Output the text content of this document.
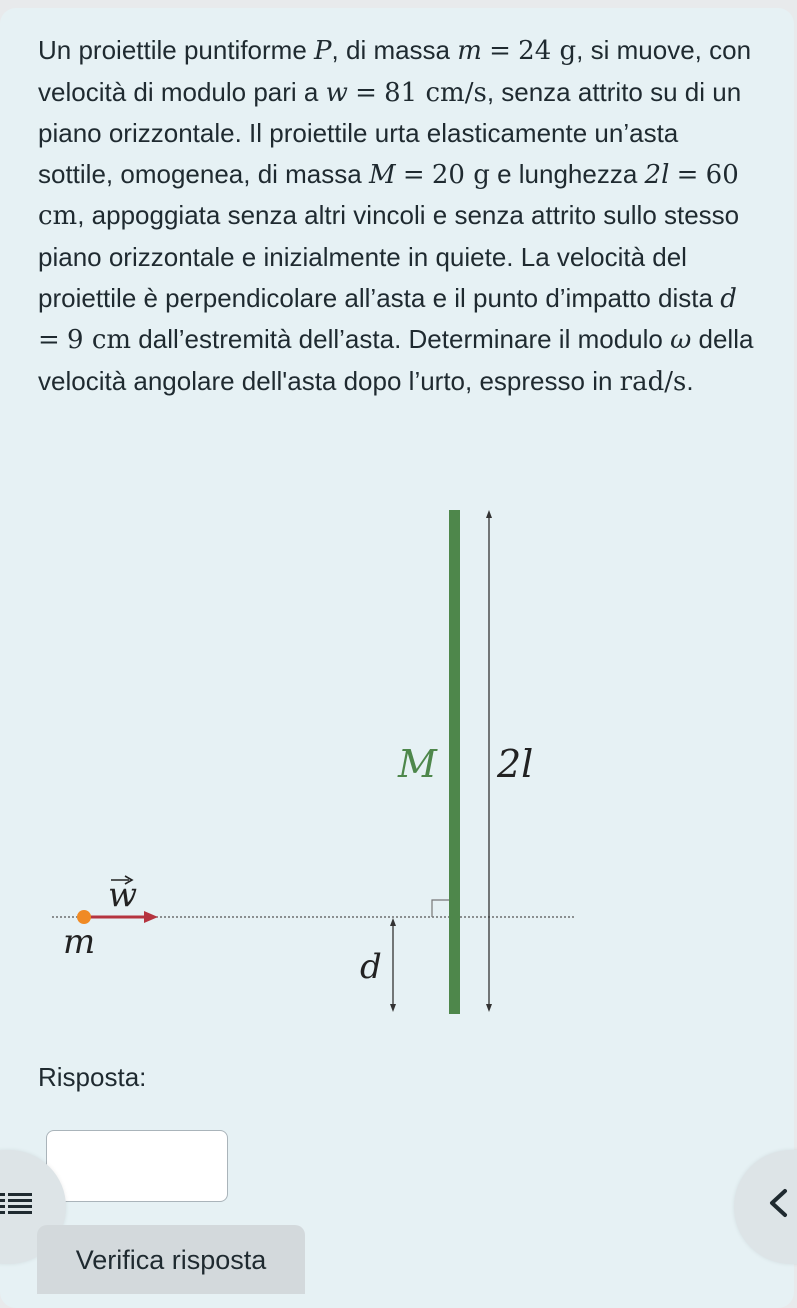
Un proiettile puntiforme P, di massa m = 24 g, si muove, con velocità di modulo pari a w = 81 cm/s, senza attrito su di un piano orizzontale. Il proiettile urta elasticamente un’asta sottile, omogenea, di massa M = 20 g e lunghezza 2l = 60 cm, appoggiata senza altri vincoli e senza attrito sullo stesso piano orizzontale e inizialmente in quiete. La velocità del proiettile è perpendicolare all’asta e il punto d’impatto dista d = 9 cm dall’estremità dell’asta. Determinare il modulo ω della velocità angolare dell'asta dopo l’urto, espresso in rad/s.
M 2l
w
m
d
Risposta:
Verifica risposta
